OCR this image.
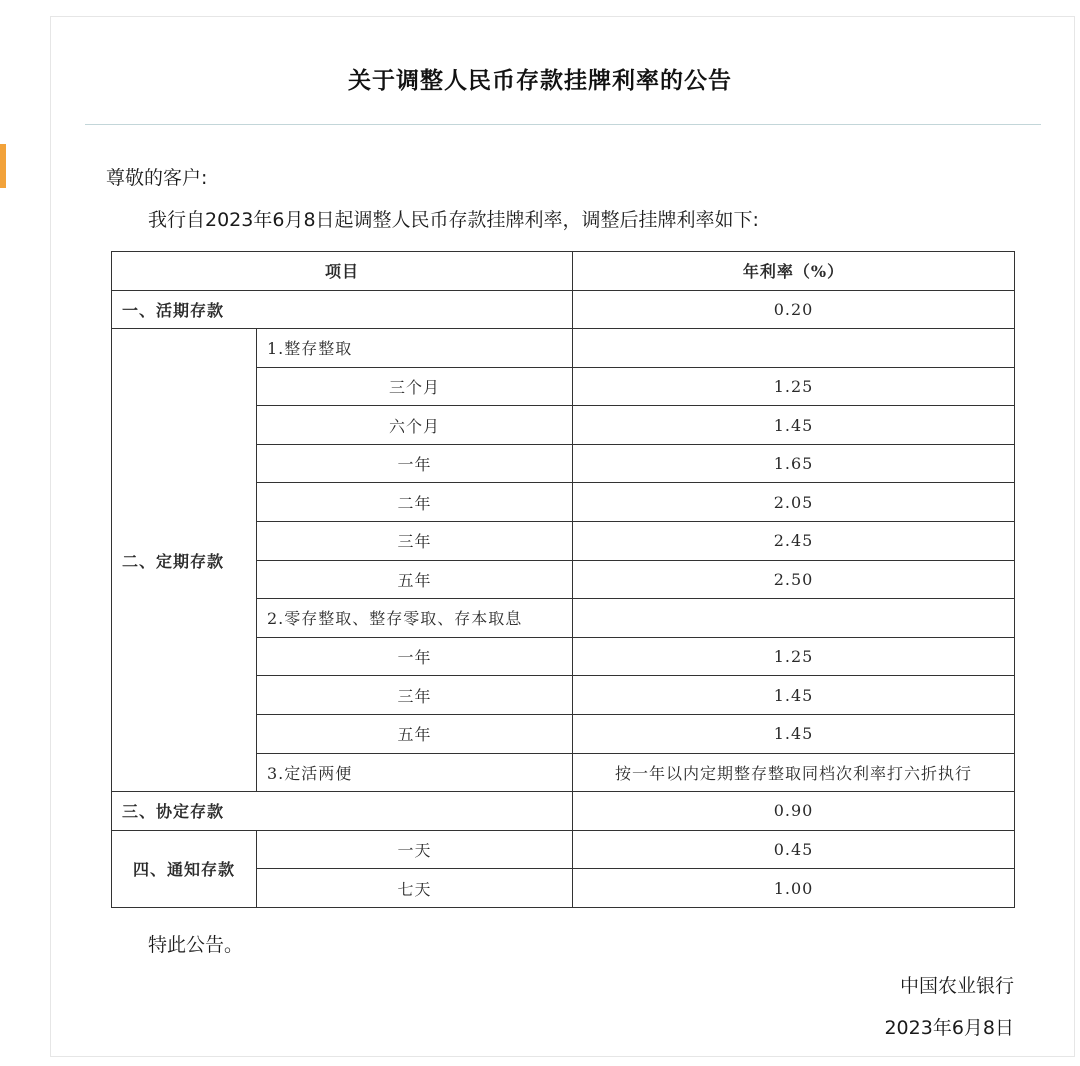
关于调整人民币存款挂牌利率的公告
尊敬的客户:
我行自2023年6月8日起调整人民币存款挂牌利率，调整后挂牌利率如下:
项目		年利率（%）
一、活期存款		0.20
二、定期存款	1.整存整取	
	三个月	1.25
	六个月	1.45
	一年	1.65
	二年	2.05
	三年	2.45
	五年	2.50
	2.零存整取、整存零取、存本取息	
	一年	1.25
	三年	1.45
	五年	1.45
	3.定活两便	按一年以内定期整存整取同档次利率打六折执行
三、协定存款		0.90
四、通知存款	一天	0.45
	七天	1.00
特此公告。
中国农业银行
2023年6月8日
